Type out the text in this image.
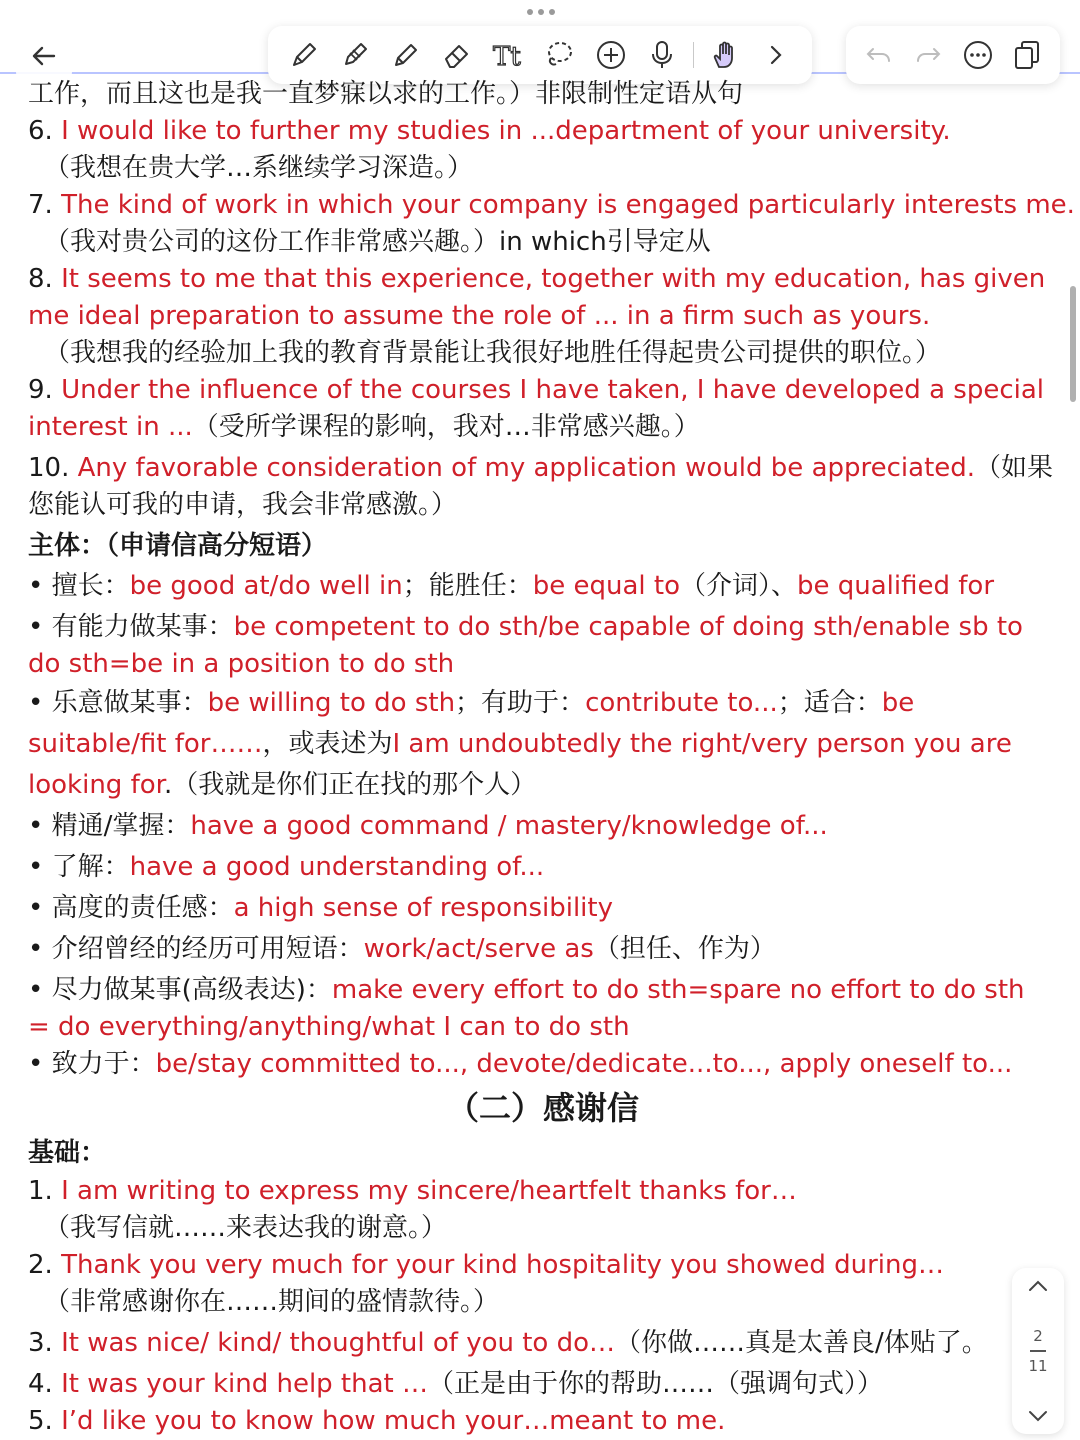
Tt

工作，而且这也是我一直梦寐以求的工作。）非限制性定语从句

6. I would like to further my studies in ...department of your university.

（我想在贵大学…系继续学习深造。）

7. The kind of work in which your company is engaged particularly interests me.

（我对贵公司的这份工作非常感兴趣。）in which引导定从

8. It seems to me that this experience, together with my education, has given

me ideal preparation to assume the role of ... in a firm such as yours.

（我想我的经验加上我的教育背景能让我很好地胜任得起贵公司提供的职位。）

9. Under the influence of the courses I have taken, I have developed a special

interest in ...（受所学课程的影响，我对…非常感兴趣。）

10. Any favorable consideration of my application would be appreciated.（如果

您能认可我的申请，我会非常感激。）

主体：（申请信高分短语）

• 擅长：be good at/do well in；能胜任：be equal to（介词）、be qualified for

• 有能力做某事：be competent to do sth/be capable of doing sth/enable sb to

do sth=be in a position to do sth

• 乐意做某事：be willing to do sth；有助于：contribute to...；适合：be

suitable/fit for……，或表述为I am undoubtedly the right/very person you are

looking for.（我就是你们正在找的那个人）

• 精通/掌握：have a good command / mastery/knowledge of...

• 了解：have a good understanding of...

• 高度的责任感：a high sense of responsibility

• 介绍曾经的经历可用短语：work/act/serve as（担任、作为）

• 尽力做某事(高级表达)：make every effort to do sth=spare no effort to do sth

= do everything/anything/what I can to do sth

• 致力于：be/stay committed to..., devote/dedicate...to..., apply oneself to...

（二）感谢信

基础：

1. I am writing to express my sincere/heartfelt thanks for…

（我写信就……来表达我的谢意。）

2. Thank you very much for your kind hospitality you showed during…

（非常感谢你在……期间的盛情款待。）

3. It was nice/ kind/ thoughtful of you to do…（你做……真是太善良/体贴了。

4. It was your kind help that …（正是由于你的帮助……（强调句式））

5. I’d like you to know how much your…meant to me.

2
11
